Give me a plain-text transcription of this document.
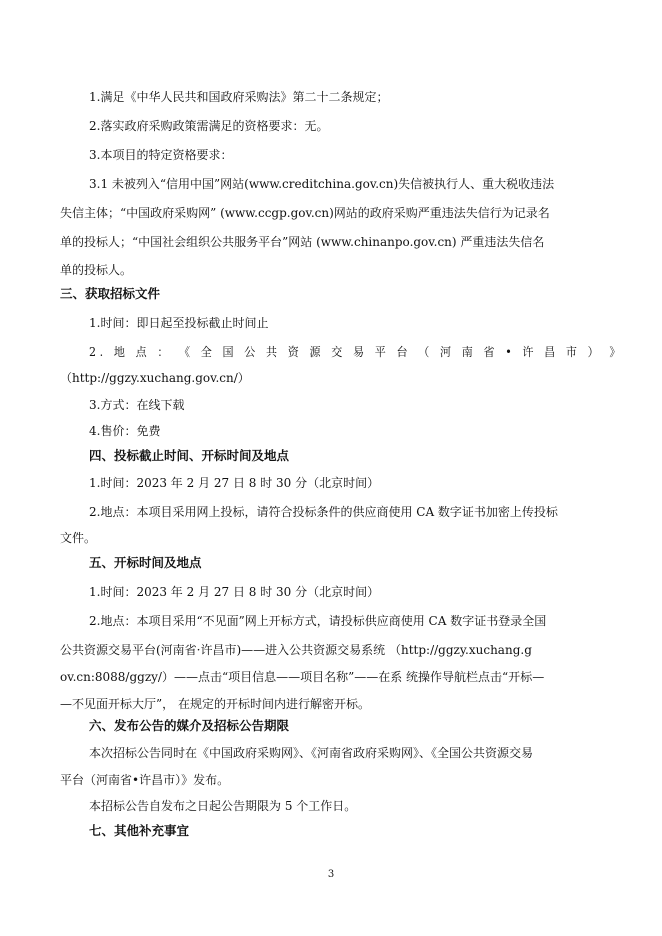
1.满足《中华人民共和国政府采购法》第二十二条规定；

2.落实政府采购政策需满足的资格要求：无。

3.本项目的特定资格要求：

3.1 未被列入“信用中国”网站(www.creditchina.gov.cn)失信被执行人、重大税收违法

失信主体；“中国政府采购网” (www.ccgp.gov.cn)网站的政府采购严重违法失信行为记录名

单的投标人；“中国社会组织公共服务平台”网站 (www.chinanpo.gov.cn) 严重违法失信名

单的投标人。

三、获取招标文件

1.时间：即日起至投标截止时间止

2. 地 点 ： 《 全 国 公 共 资 源 交 易 平 台 （ 河 南 省 • 许 昌 市 ） 》

（http://ggzy.xuchang.gov.cn/）

3.方式：在线下载

4.售价：免费

四、投标截止时间、开标时间及地点

1.时间：2023 年 2 月 27 日 8 时 30 分（北京时间）

2.地点：本项目采用网上投标，请符合投标条件的供应商使用 CA 数字证书加密上传投标

文件。

五、开标时间及地点

1.时间：2023 年 2 月 27 日 8 时 30 分（北京时间）

2.地点：本项目采用“不见面”网上开标方式，请投标供应商使用 CA 数字证书登录全国

公共资源交易平台(河南省·许昌市)——进入公共资源交易系统 （http://ggzy.xuchang.g

ov.cn:8088/ggzy/）——点击“项目信息——项目名称”——在系 统操作导航栏点击“开标—

—不见面开标大厅”， 在规定的开标时间内进行解密开标。

六、发布公告的媒介及招标公告期限

本次招标公告同时在《中国政府采购网》、《河南省政府采购网》、《全国公共资源交易

平台（河南省•许昌市）》发布。

本招标公告自发布之日起公告期限为 5 个工作日。

七、其他补充事宜
3
